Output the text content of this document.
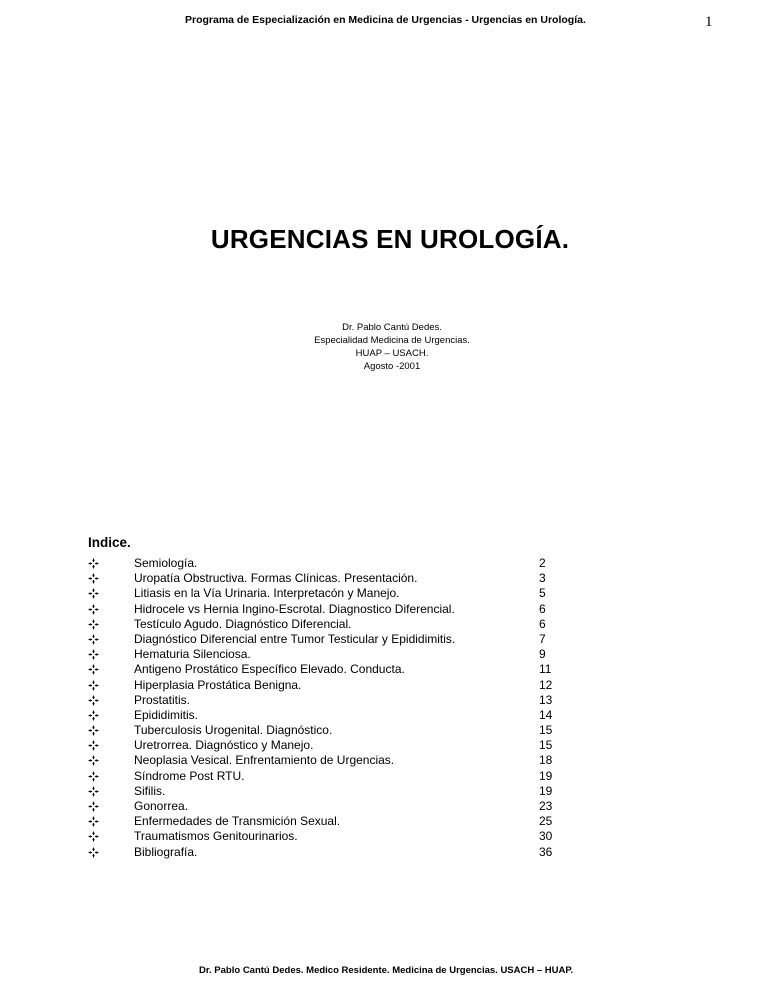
Programa de Especialización en Medicina de Urgencias - Urgencias en Urología.	1
URGENCIAS EN UROLOGÍA.
Dr. Pablo Cantú Dedes.
Especialidad Medicina de Urgencias.
HUAP – USACH.
Agosto -2001
Indice.
Semiología.	2
Uropatía Obstructiva. Formas Clínicas. Presentación.	3
Litiasis en la Vía Urinaria. Interpretacón y Manejo.	5
Hidrocele vs Hernia Ingino-Escrotal. Diagnostico Diferencial.	6
Testículo Agudo. Diagnóstico Diferencial.	6
Diagnóstico Diferencial entre Tumor Testicular y Epididimitis.	7
Hematuria Silenciosa.	9
Antigeno Prostático Específico Elevado. Conducta.	11
Hiperplasia Prostática Benigna.	12
Prostatitis.	13
Epididimitis.	14
Tuberculosis Urogenital. Diagnóstico.	15
Uretrorrea. Diagnóstico y Manejo.	15
Neoplasia Vesical. Enfrentamiento de Urgencias.	18
Síndrome Post RTU.	19
Sifilis.	19
Gonorrea.	23
Enfermedades de Transmición Sexual.	25
Traumatismos Genitourinarios.	30
Bibliografía.	36
Dr. Pablo Cantú Dedes. Medico Residente. Medicina de Urgencias. USACH – HUAP.
